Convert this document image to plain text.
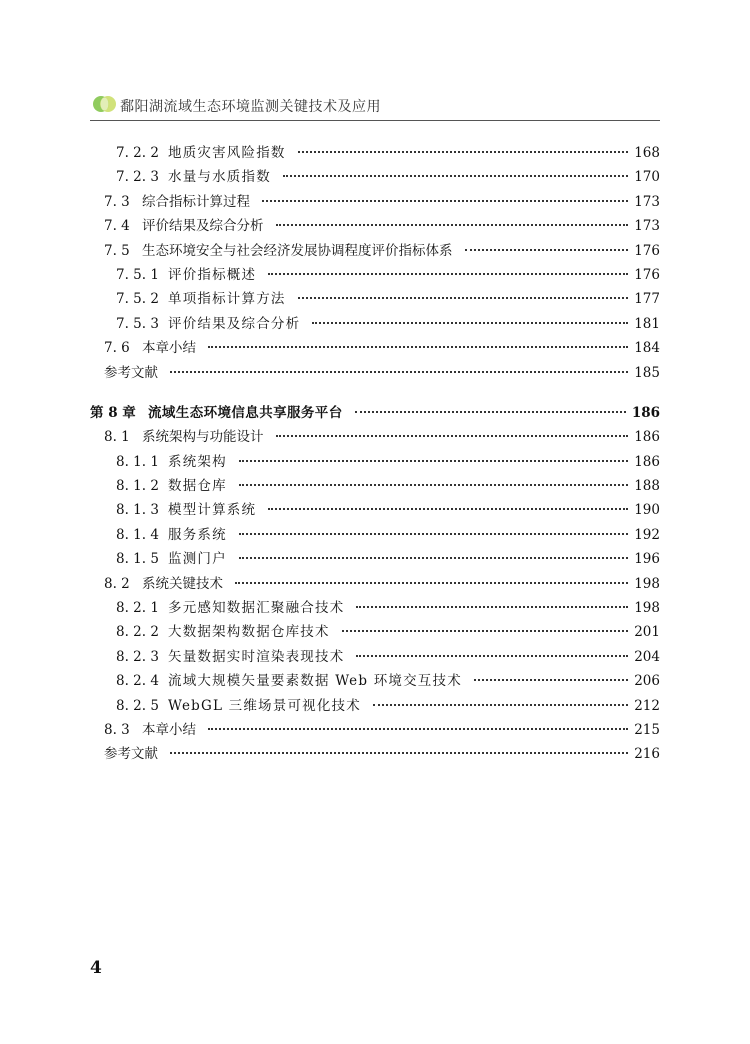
鄱阳湖流域生态环境监测关键技术及应用
7. 2. 2 地质灾害风险指数	168
7. 2. 3 水量与水质指数	170
7. 3 综合指标计算过程	173
7. 4 评价结果及综合分析	173
7. 5 生态环境安全与社会经济发展协调程度评价指标体系	176
7. 5. 1 评价指标概述	176
7. 5. 2 单项指标计算方法	177
7. 5. 3 评价结果及综合分析	181
7. 6 本章小结	184
参考文献	185
第 8 章 流域生态环境信息共享服务平台	186
8. 1 系统架构与功能设计	186
8. 1. 1 系统架构	186
8. 1. 2 数据仓库	188
8. 1. 3 模型计算系统	190
8. 1. 4 服务系统	192
8. 1. 5 监测门户	196
8. 2 系统关键技术	198
8. 2. 1 多元感知数据汇聚融合技术	198
8. 2. 2 大数据架构数据仓库技术	201
8. 2. 3 矢量数据实时渲染表现技术	204
8. 2. 4 流域大规模矢量要素数据 Web 环境交互技术	206
8. 2. 5 WebGL 三维场景可视化技术	212
8. 3 本章小结	215
参考文献	216
4
